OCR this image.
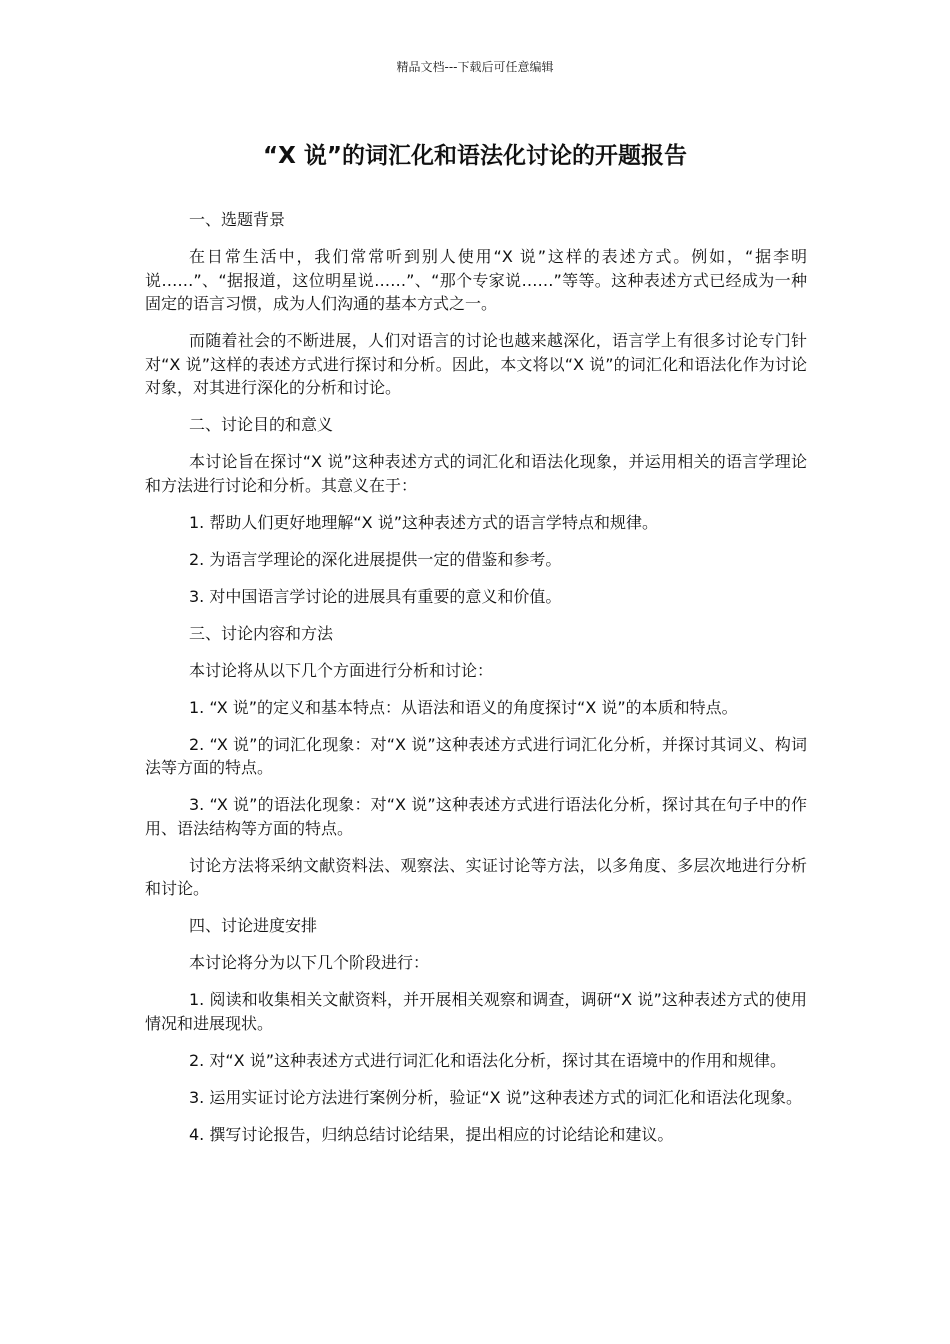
精品文档---下载后可任意编辑
“X 说”的词汇化和语法化讨论的开题报告

一、选题背景

在日常生活中，我们常常听到别人使用“X 说”这样的表述方式。例如，“据李明说……”、“据报道，这位明星说……”、“那个专家说……”等等。这种表述方式已经成为一种固定的语言习惯，成为人们沟通的基本方式之一。

而随着社会的不断进展，人们对语言的讨论也越来越深化，语言学上有很多讨论专门针对“X 说”这样的表述方式进行探讨和分析。因此，本文将以“X 说”的词汇化和语法化作为讨论对象，对其进行深化的分析和讨论。

二、讨论目的和意义

本讨论旨在探讨“X 说”这种表述方式的词汇化和语法化现象，并运用相关的语言学理论和方法进行讨论和分析。其意义在于：

1. 帮助人们更好地理解“X 说”这种表述方式的语言学特点和规律。

2. 为语言学理论的深化进展提供一定的借鉴和参考。

3. 对中国语言学讨论的进展具有重要的意义和价值。

三、讨论内容和方法

本讨论将从以下几个方面进行分析和讨论：

1. “X 说”的定义和基本特点：从语法和语义的角度探讨“X 说”的本质和特点。

2. “X 说”的词汇化现象：对“X 说”这种表述方式进行词汇化分析，并探讨其词义、构词法等方面的特点。

3. “X 说”的语法化现象：对“X 说”这种表述方式进行语法化分析，探讨其在句子中的作用、语法结构等方面的特点。

讨论方法将采纳文献资料法、观察法、实证讨论等方法，以多角度、多层次地进行分析和讨论。

四、讨论进度安排

本讨论将分为以下几个阶段进行：

1. 阅读和收集相关文献资料，并开展相关观察和调查，调研“X 说”这种表述方式的使用情况和进展现状。

2. 对“X 说”这种表述方式进行词汇化和语法化分析，探讨其在语境中的作用和规律。

3. 运用实证讨论方法进行案例分析，验证“X 说”这种表述方式的词汇化和语法化现象。

4. 撰写讨论报告，归纳总结讨论结果，提出相应的讨论结论和建议。
